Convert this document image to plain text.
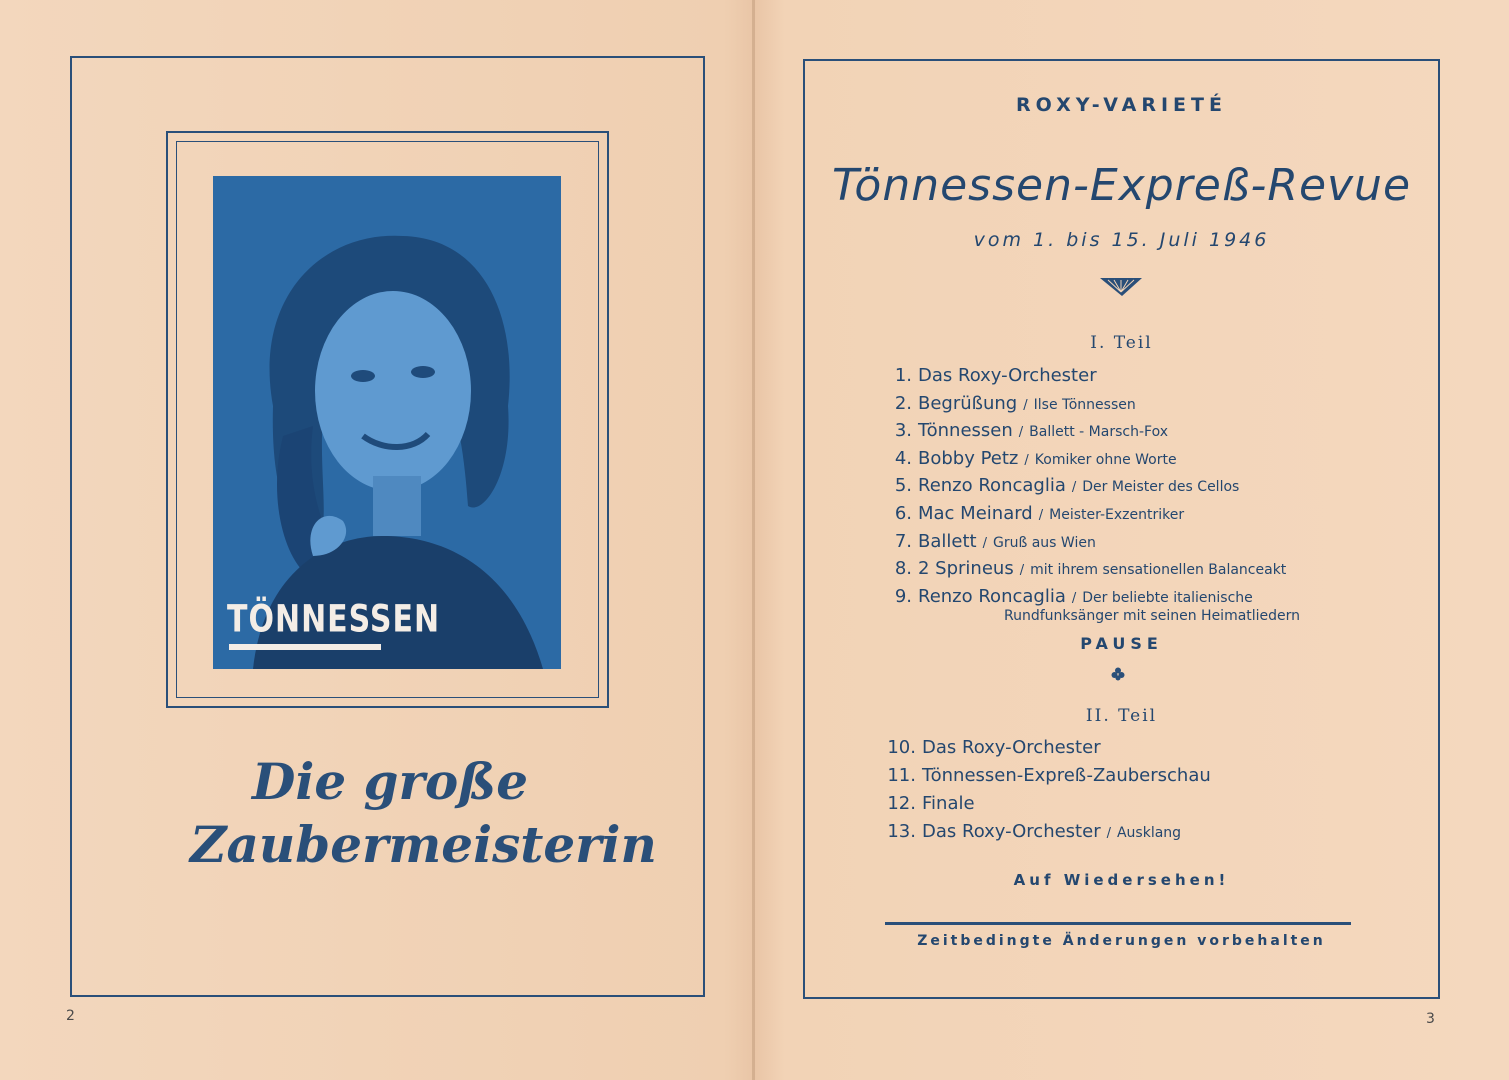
TÖNNESSEN
Die große
Zaubermeisterin
2
ROXY-VARIETÉ
Tönnessen-Expreß-Revue
vom 1. bis 15. Juli 1946
I. Teil
1. Das Roxy-Orchester
2. Begrüßung / Ilse Tönnessen
3. Tönnessen / Ballett - Marsch-Fox
4. Bobby Petz / Komiker ohne Worte
5. Renzo Roncaglia / Der Meister des Cellos
6. Mac Meinard / Meister-Exzentriker
7. Ballett / Gruß aus Wien
8. 2 Sprineus / mit ihrem sensationellen Balanceakt
9. Renzo Roncaglia / Der beliebte italienische
Rundfunksänger mit seinen Heimatliedern
PAUSE
II. Teil
10. Das Roxy-Orchester
11. Tönnessen-Expreß-Zauberschau
12. Finale
13. Das Roxy-Orchester / Ausklang
Auf Wiedersehen!
Zeitbedingte Änderungen vorbehalten
3
